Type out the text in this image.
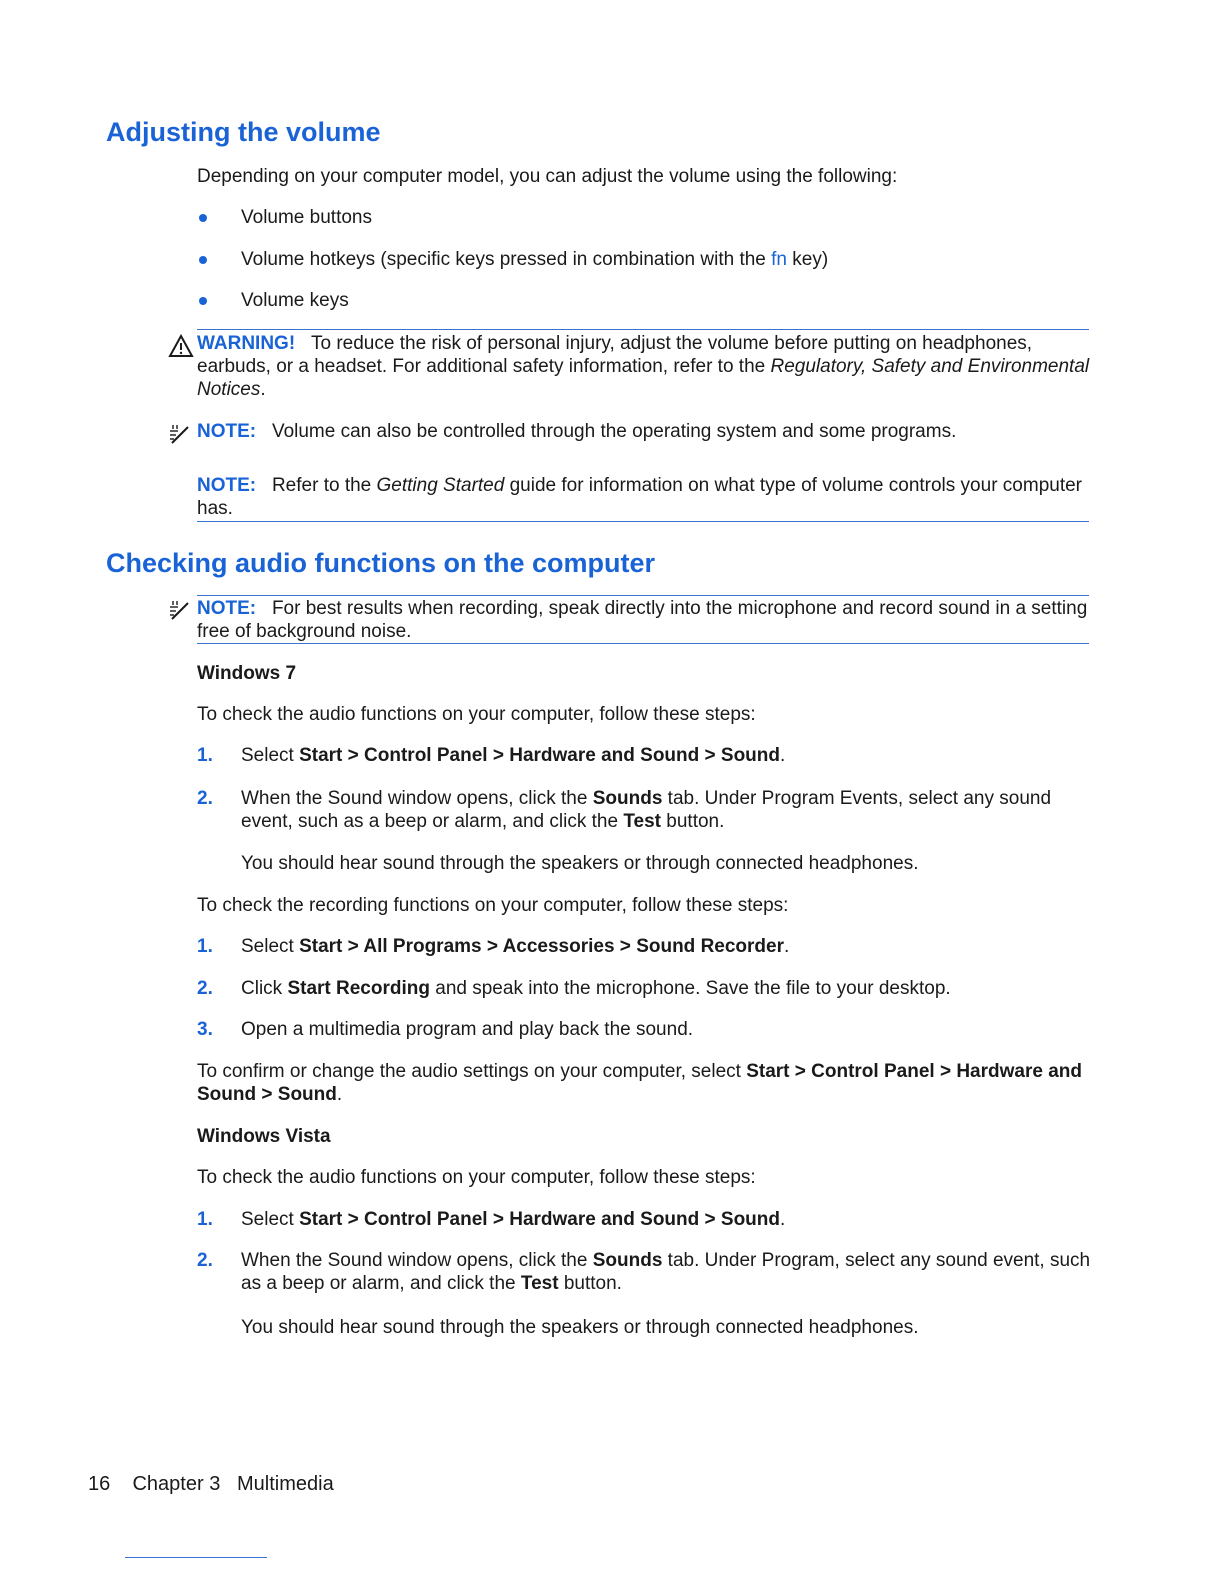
Adjusting the volume

Depending on your computer model, you can adjust the volume using the following:

Volume buttons
Volume hotkeys (specific keys pressed in combination with the fn key)
Volume keys

WARNING! To reduce the risk of personal injury, adjust the volume before putting on headphones, earbuds, or a headset. For additional safety information, refer to the Regulatory, Safety and Environmental Notices.

NOTE: Volume can also be controlled through the operating system and some programs.

NOTE: Refer to the Getting Started guide for information on what type of volume controls your computer has.

Checking audio functions on the computer

NOTE: For best results when recording, speak directly into the microphone and record sound in a setting free of background noise.

Windows 7

To check the audio functions on your computer, follow these steps:

1. Select Start > Control Panel > Hardware and Sound > Sound.
2. When the Sound window opens, click the Sounds tab. Under Program Events, select any sound event, such as a beep or alarm, and click the Test button.

You should hear sound through the speakers or through connected headphones.

To check the recording functions on your computer, follow these steps:

1. Select Start > All Programs > Accessories > Sound Recorder.
2. Click Start Recording and speak into the microphone. Save the file to your desktop.
3. Open a multimedia program and play back the sound.

To confirm or change the audio settings on your computer, select Start > Control Panel > Hardware and Sound > Sound.

Windows Vista

To check the audio functions on your computer, follow these steps:

1. Select Start > Control Panel > Hardware and Sound > Sound.
2. When the Sound window opens, click the Sounds tab. Under Program, select any sound event, such as a beep or alarm, and click the Test button.

You should hear sound through the speakers or through connected headphones.

16 Chapter 3 Multimedia
